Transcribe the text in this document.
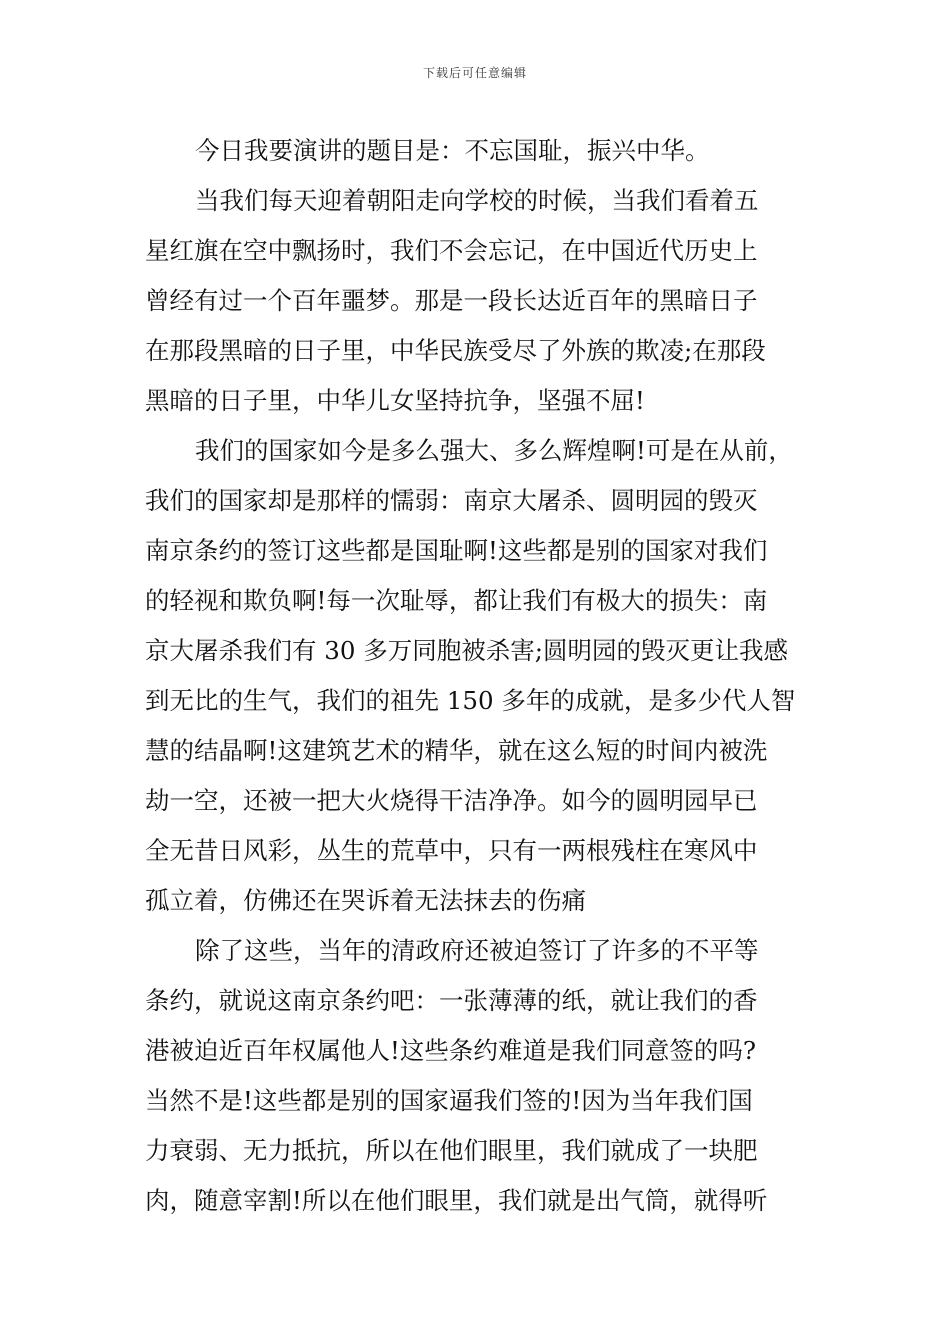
下载后可任意编辑
今日我要演讲的题目是：不忘国耻，振兴中华。
当我们每天迎着朝阳走向学校的时候，当我们看着五
星红旗在空中飘扬时，我们不会忘记，在中国近代历史上
曾经有过一个百年噩梦。那是一段长达近百年的黑暗日子
在那段黑暗的日子里，中华民族受尽了外族的欺凌;在那段
黑暗的日子里，中华儿女坚持抗争，坚强不屈!
我们的国家如今是多么强大、多么辉煌啊!可是在从前，
我们的国家却是那样的懦弱：南京大屠杀、圆明园的毁灭
南京条约的签订这些都是国耻啊!这些都是别的国家对我们
的轻视和欺负啊!每一次耻辱，都让我们有极大的损失：南
京大屠杀我们有 30 多万同胞被杀害;圆明园的毁灭更让我感
到无比的生气，我们的祖先 150 多年的成就，是多少代人智
慧的结晶啊!这建筑艺术的精华，就在这么短的时间内被洗
劫一空，还被一把大火烧得干洁净净。如今的圆明园早已
全无昔日风彩，丛生的荒草中，只有一两根残柱在寒风中
孤立着，仿佛还在哭诉着无法抹去的伤痛
除了这些，当年的清政府还被迫签订了许多的不平等
条约，就说这南京条约吧：一张薄薄的纸，就让我们的香
港被迫近百年权属他人!这些条约难道是我们同意签的吗?
当然不是!这些都是别的国家逼我们签的!因为当年我们国
力衰弱、无力抵抗，所以在他们眼里，我们就成了一块肥
肉，随意宰割!所以在他们眼里，我们就是出气筒，就得听
